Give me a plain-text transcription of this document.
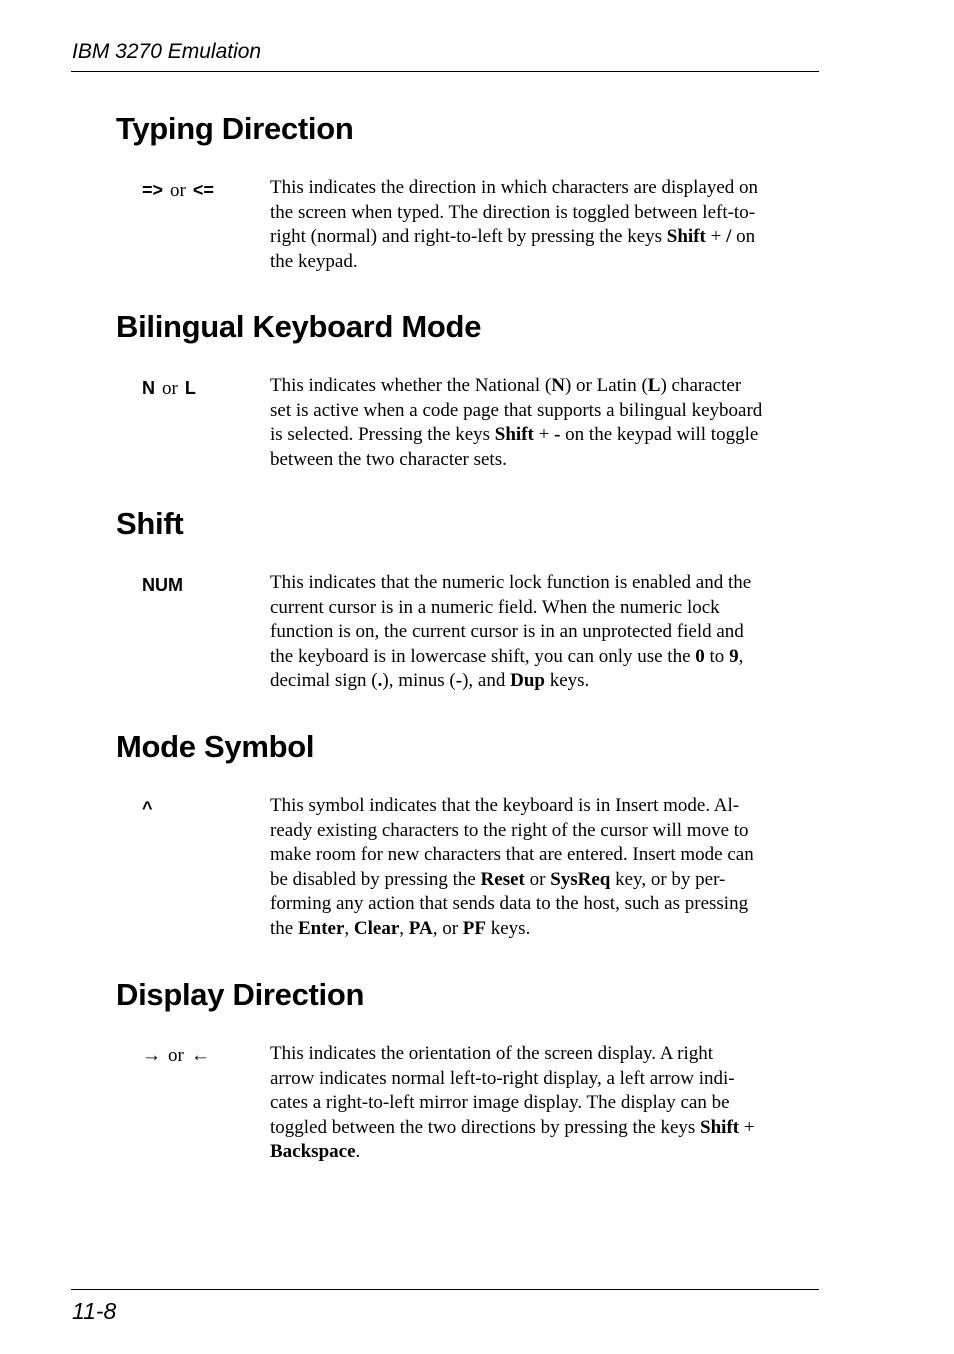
IBM 3270 Emulation
Typing Direction
=> or <=	This indicates the direction in which characters are displayed on
the screen when typed. The direction is toggled between left-to-
right (normal) and right-to-left by pressing the keys Shift + / on
the keypad.
Bilingual Keyboard Mode
N or L	This indicates whether the National (N) or Latin (L) character
set is active when a code page that supports a bilingual keyboard
is selected. Pressing the keys Shift + - on the keypad will toggle
between the two character sets.
Shift
NUM	This indicates that the numeric lock function is enabled and the
current cursor is in a numeric field. When the numeric lock
function is on, the current cursor is in an unprotected field and
the keyboard is in lowercase shift, you can only use the 0 to 9,
decimal sign (.), minus (-), and Dup keys.
Mode Symbol
^	This symbol indicates that the keyboard is in Insert mode. Al-
ready existing characters to the right of the cursor will move to
make room for new characters that are entered. Insert mode can
be disabled by pressing the Reset or SysReq key, or by per-
forming any action that sends data to the host, such as pressing
the Enter, Clear, PA, or PF keys.
Display Direction
→ or ←	This indicates the orientation of the screen display. A right
arrow indicates normal left-to-right display, a left arrow indi-
cates a right-to-left mirror image display. The display can be
toggled between the two directions by pressing the keys Shift +
Backspace.
11-8
